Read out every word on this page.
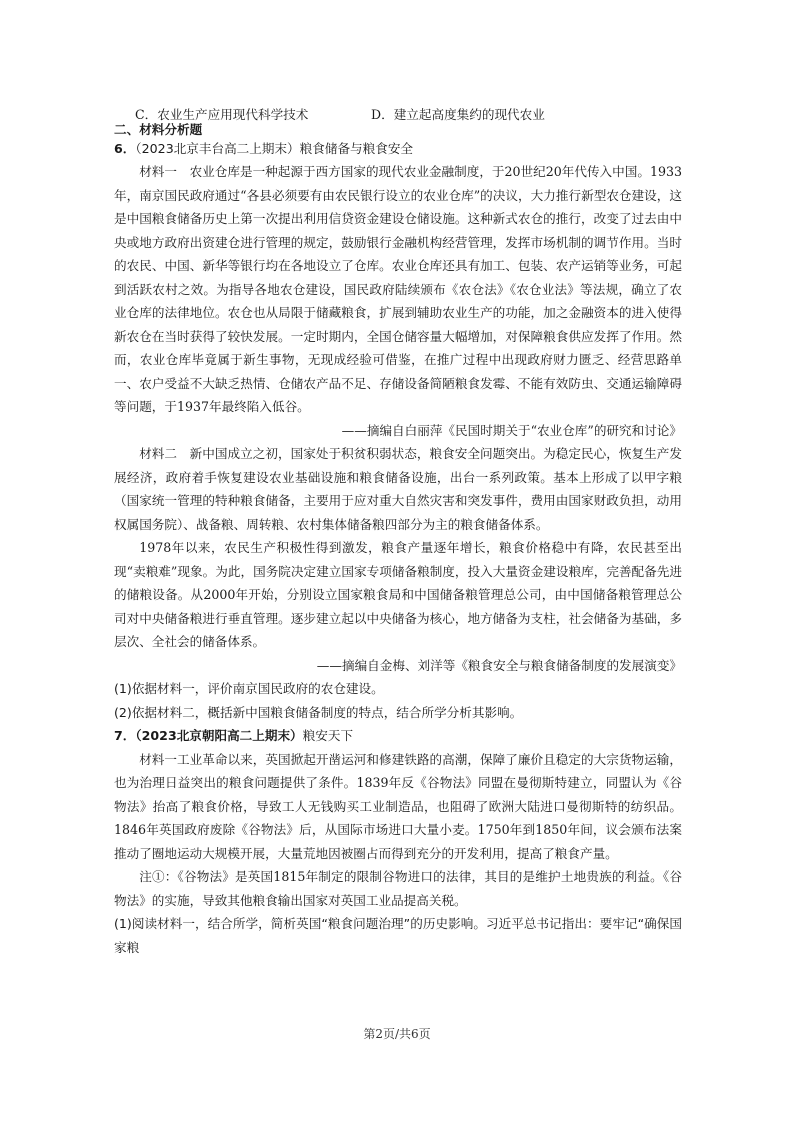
C．农业生产应用现代科学技术	D．建立起高度集约的现代农业
二、材料分析题
6．（2023北京丰台高二上期末）粮食储备与粮食安全

材料一　农业仓库是一种起源于西方国家的现代农业金融制度，于20世纪20年代传入中国。1933年，南京国民政府通过“各县必须要有由农民银行设立的农业仓库”的决议，大力推行新型农仓建设，这是中国粮食储备历史上第一次提出利用信贷资金建设仓储设施。这种新式农仓的推行，改变了过去由中央或地方政府出资建仓进行管理的规定，鼓励银行金融机构经营管理，发挥市场机制的调节作用。当时的农民、中国、新华等银行均在各地设立了仓库。农业仓库还具有加工、包装、农产运销等业务，可起到活跃农村之效。为指导各地农仓建设，国民政府陆续颁布《农仓法》《农仓业法》等法规，确立了农业仓库的法律地位。农仓也从局限于储藏粮食，扩展到辅助农业生产的功能，加之金融资本的进入使得新农仓在当时获得了较快发展。一定时期内，全国仓储容量大幅增加，对保障粮食供应发挥了作用。然而，农业仓库毕竟属于新生事物，无现成经验可借鉴，在推广过程中出现政府财力匮乏、经营思路单一、农户受益不大缺乏热情、仓储农产品不足、存储设备简陋粮食发霉、不能有效防虫、交通运输障碍等问题，于1937年最终陷入低谷。

——摘编自白丽萍《民国时期关于“农业仓库”的研究和讨论》

材料二　新中国成立之初，国家处于积贫积弱状态，粮食安全问题突出。为稳定民心，恢复生产发展经济，政府着手恢复建设农业基础设施和粮食储备设施，出台一系列政策。基本上形成了以甲字粮（国家统一管理的特种粮食储备，主要用于应对重大自然灾害和突发事件，费用由国家财政负担，动用权属国务院）、战备粮、周转粮、农村集体储备粮四部分为主的粮食储备体系。

1978年以来，农民生产积极性得到激发，粮食产量逐年增长，粮食价格稳中有降，农民甚至出现“卖粮难”现象。为此，国务院决定建立国家专项储备粮制度，投入大量资金建设粮库，完善配备先进的储粮设备。从2000年开始，分别设立国家粮食局和中国储备粮管理总公司，由中国储备粮管理总公司对中央储备粮进行垂直管理。逐步建立起以中央储备为核心，地方储备为支柱，社会储备为基础，多层次、全社会的储备体系。

——摘编自金梅、刘洋等《粮食安全与粮食储备制度的发展演变》

(1)依据材料一，评价南京国民政府的农仓建设。

(2)依据材料二，概括新中国粮食储备制度的特点，结合所学分析其影响。

7．（2023北京朝阳高二上期末）粮安天下

材料一工业革命以来，英国掀起开凿运河和修建铁路的高潮，保障了廉价且稳定的大宗货物运输，也为治理日益突出的粮食问题提供了条件。1839年反《谷物法》同盟在曼彻斯特建立，同盟认为《谷物法》抬高了粮食价格，导致工人无钱购买工业制造品，也阻碍了欧洲大陆进口曼彻斯特的纺织品。1846年英国政府废除《谷物法》后，从国际市场进口大量小麦。1750年到1850年间，议会颁布法案推动了圈地运动大规模开展，大量荒地因被圈占而得到充分的开发利用，提高了粮食产量。

注①：《谷物法》是英国1815年制定的限制谷物进口的法律，其目的是维护土地贵族的利益。《谷物法》的实施，导致其他粮食输出国家对英国工业品提高关税。

(1)阅读材料一，结合所学，简析英国“粮食问题治理”的历史影响。习近平总书记指出：要牢记“确保国家粮

第2页/共6页
